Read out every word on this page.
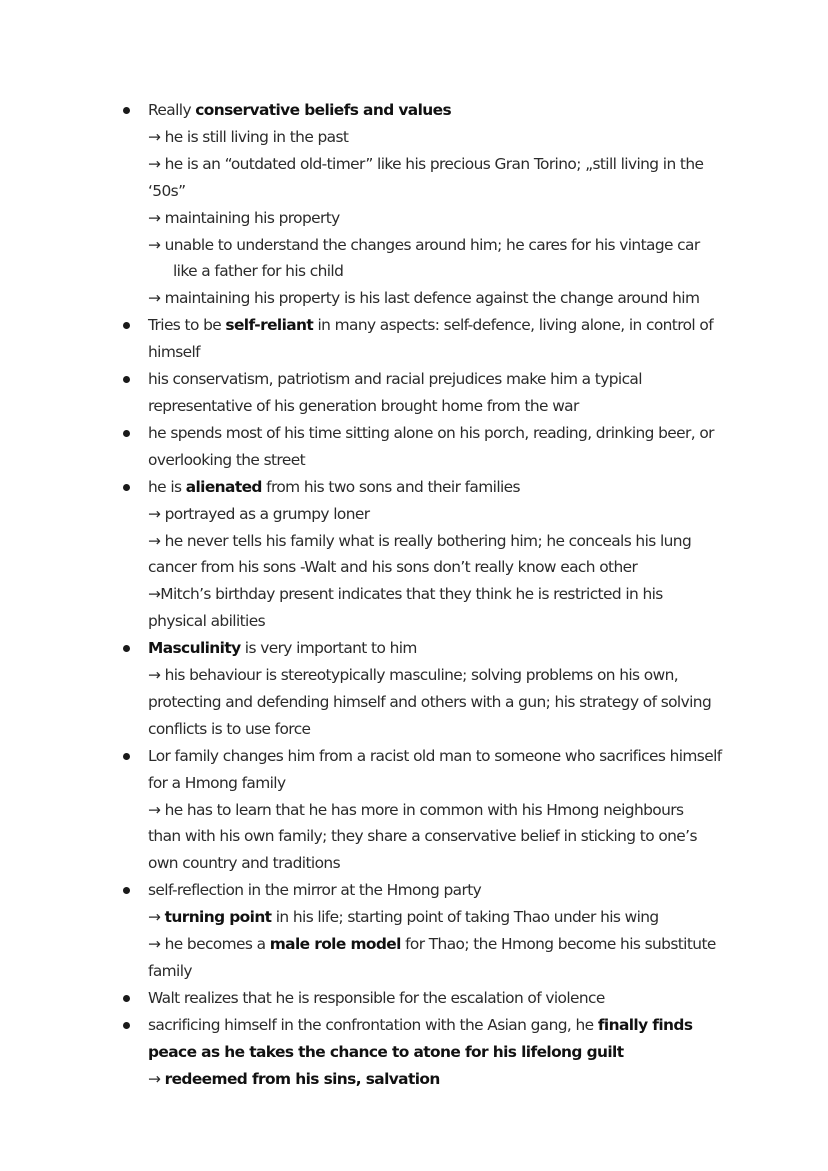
Really conservative beliefs and values
→ he is still living in the past
→ he is an “outdated old-timer” like his precious Gran Torino; „still living in the
‘50s”
→ maintaining his property
→ unable to understand the changes around him; he cares for his vintage car
like a father for his child
→ maintaining his property is his last defence against the change around him
Tries to be self-reliant in many aspects: self-defence, living alone, in control of
himself
his conservatism, patriotism and racial prejudices make him a typical
representative of his generation brought home from the war
he spends most of his time sitting alone on his porch, reading, drinking beer, or
overlooking the street
he is alienated from his two sons and their families
→ portrayed as a grumpy loner
→ he never tells his family what is really bothering him; he conceals his lung
cancer from his sons -Walt and his sons don’t really know each other
→Mitch’s birthday present indicates that they think he is restricted in his
physical abilities
Masculinity is very important to him
→ his behaviour is stereotypically masculine; solving problems on his own,
protecting and defending himself and others with a gun; his strategy of solving
conflicts is to use force
Lor family changes him from a racist old man to someone who sacrifices himself
for a Hmong family
→ he has to learn that he has more in common with his Hmong neighbours
than with his own family; they share a conservative belief in sticking to one’s
own country and traditions
self-reflection in the mirror at the Hmong party
→ turning point in his life; starting point of taking Thao under his wing
→ he becomes a male role model for Thao; the Hmong become his substitute
family
Walt realizes that he is responsible for the escalation of violence
sacrificing himself in the confrontation with the Asian gang, he finally finds
peace as he takes the chance to atone for his lifelong guilt
→ redeemed from his sins, salvation
